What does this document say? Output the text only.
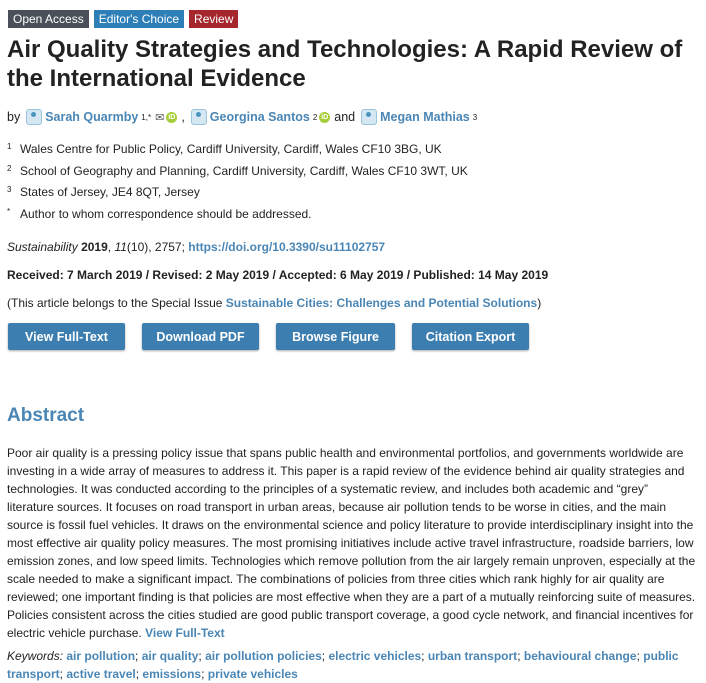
Open Access	Editor's Choice	Review
Air Quality Strategies and Technologies: A Rapid Review of the International Evidence
by Sarah Quarmby 1,* ✉ iD , Georgina Santos 2 iD and Megan Mathias 3
1 Wales Centre for Public Policy, Cardiff University, Cardiff, Wales CF10 3BG, UK
2 School of Geography and Planning, Cardiff University, Cardiff, Wales CF10 3WT, UK
3 States of Jersey, JE4 8QT, Jersey
* Author to whom correspondence should be addressed.
Sustainability 2019, 11(10), 2757; https://doi.org/10.3390/su11102757
Received: 7 March 2019 / Revised: 2 May 2019 / Accepted: 6 May 2019 / Published: 14 May 2019
(This article belongs to the Special Issue Sustainable Cities: Challenges and Potential Solutions)
View Full-Text	Download PDF	Browse Figure	Citation Export
Abstract

Poor air quality is a pressing policy issue that spans public health and environmental portfolios, and governments worldwide are investing in a wide array of measures to address it. This paper is a rapid review of the evidence behind air quality strategies and technologies. It was conducted according to the principles of a systematic review, and includes both academic and “grey” literature sources. It focuses on road transport in urban areas, because air pollution tends to be worse in cities, and the main source is fossil fuel vehicles. It draws on the environmental science and policy literature to provide interdisciplinary insight into the most effective air quality policy measures. The most promising initiatives include active travel infrastructure, roadside barriers, low emission zones, and low speed limits. Technologies which remove pollution from the air largely remain unproven, especially at the scale needed to make a significant impact. The combinations of policies from three cities which rank highly for air quality are reviewed; one important finding is that policies are most effective when they are a part of a mutually reinforcing suite of measures. Policies consistent across the cities studied are good public transport coverage, a good cycle network, and financial incentives for electric vehicle purchase. View Full-Text

Keywords: air pollution; air quality; air pollution policies; electric vehicles; urban transport; behavioural change; public transport; active travel; emissions; private vehicles
